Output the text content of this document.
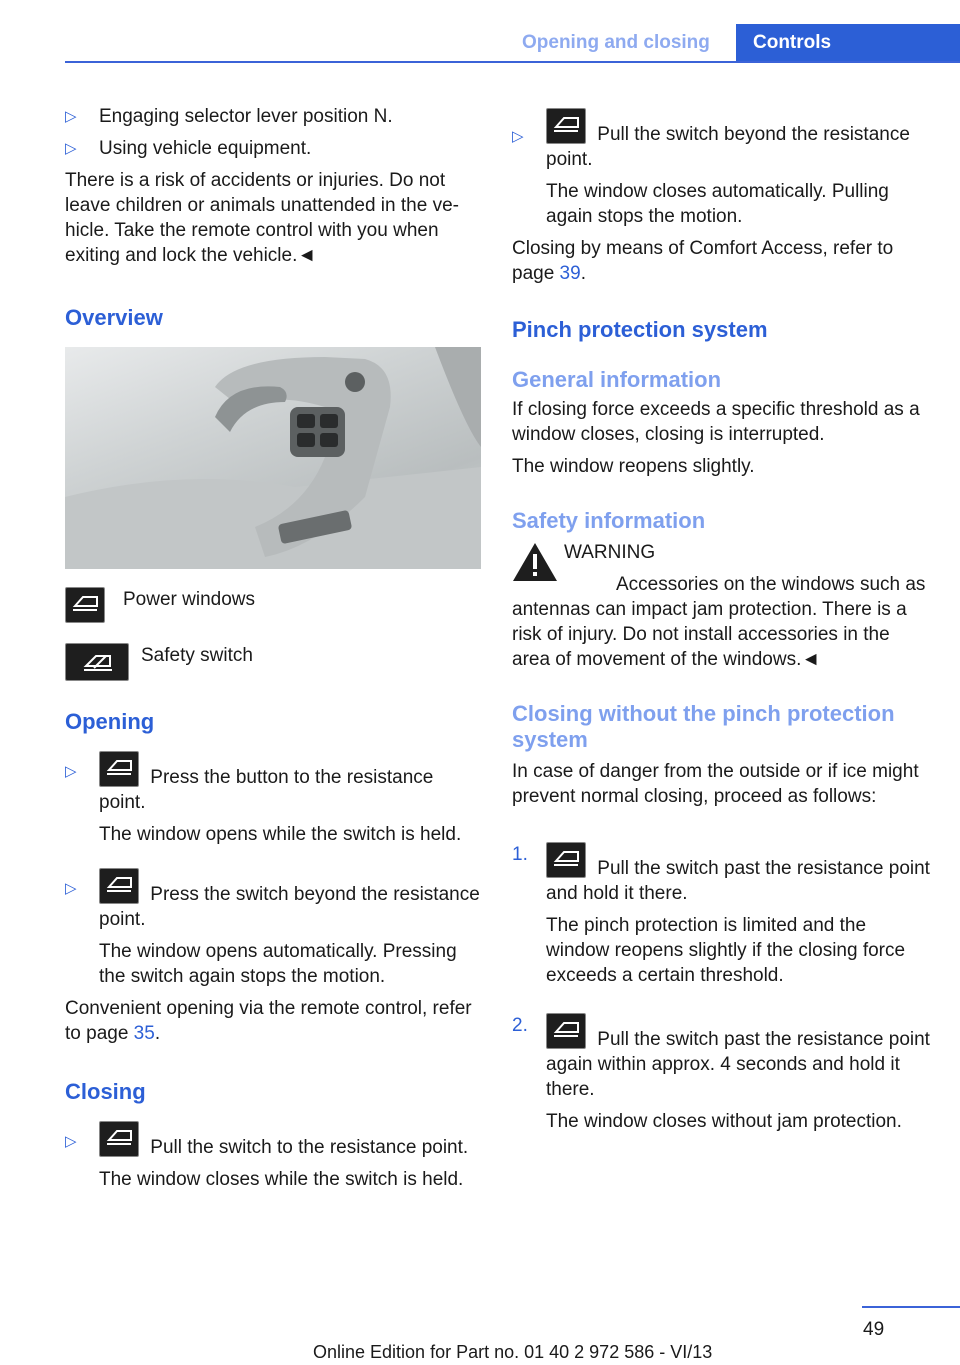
Opening and closing	Controls
▷ Engaging selector lever position N.

▷ Using vehicle equipment.

There is a risk of accidents or injuries. Do not leave children or animals unattended in the vehicle. Take the remote control with you when exiting and lock the vehicle.◄

Overview
Power windows
Safety switch
Opening
▷	Press the button to the resistance point.

The window opens while the switch is held.

▷	Press the switch beyond the resistance point.

The window opens automatically. Pressing the switch again stops the motion.

Convenient opening via the remote control, refer to page 35.

Closing
▷	Pull the switch to the resistance point.

The window closes while the switch is held.

▷	Pull the switch beyond the resistance point.

The window closes automatically. Pulling again stops the motion.

Closing by means of Comfort Access, refer to page 39.

Pinch protection system
General information

If closing force exceeds a specific threshold as a window closes, closing is interrupted.

The window reopens slightly.

Safety information

WARNING

Accessories on the windows such as antennas can impact jam protection. There is a risk of injury. Do not install accessories in the area of movement of the windows.◄

Closing without the pinch protection system

In case of danger from the outside or if ice might prevent normal closing, proceed as follows:

1.

Pull the switch past the resistance point and hold it there.

The pinch protection is limited and the window reopens slightly if the closing force exceeds a certain threshold.

2.

Pull the switch past the resistance point again within approx. 4 seconds and hold it there.

The window closes without jam protection.

49
Online Edition for Part no. 01 40 2 972 586 - VI/13
